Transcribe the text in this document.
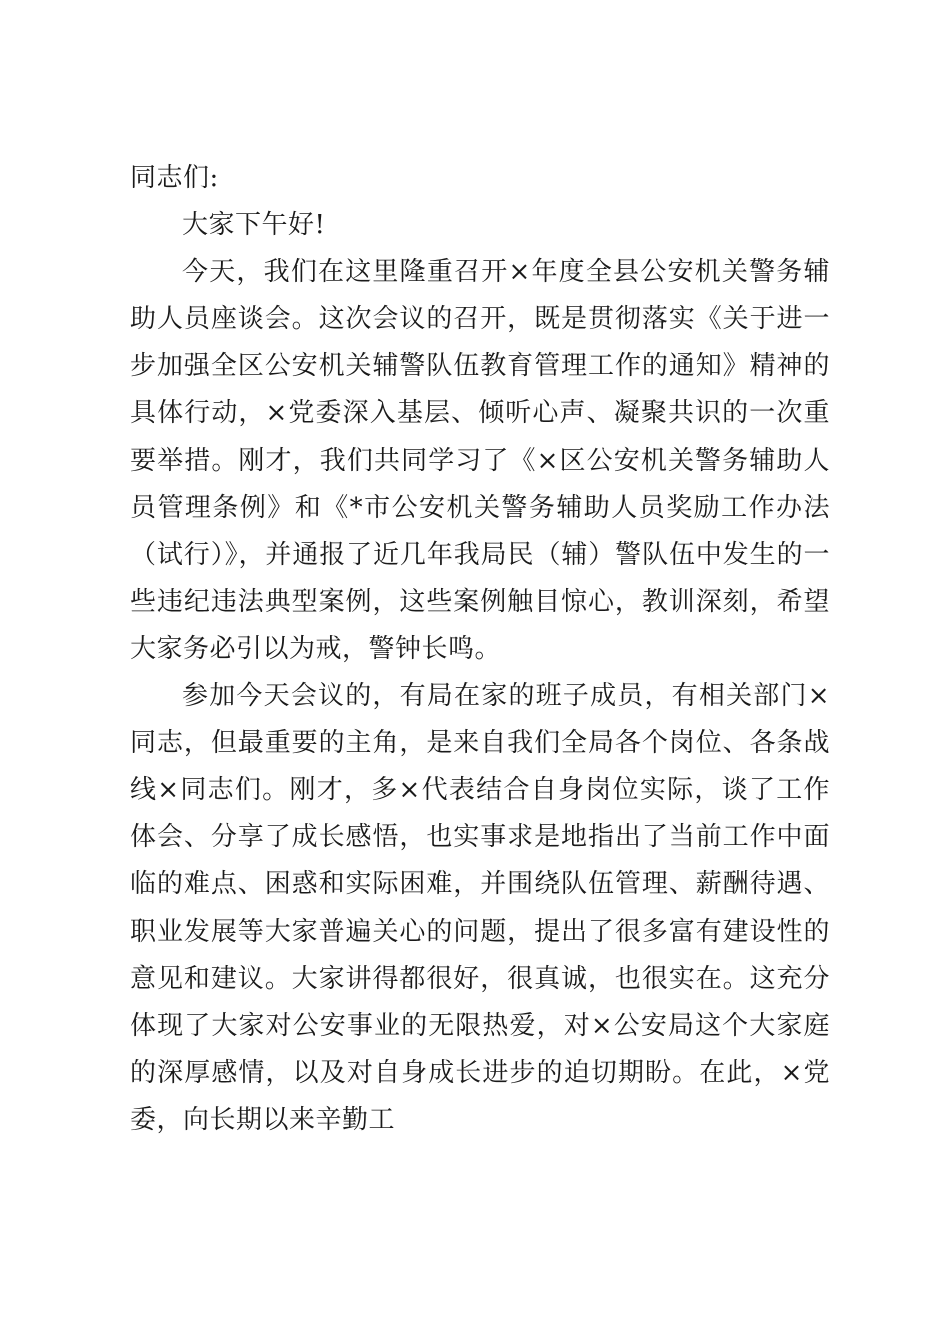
同志们:

大家下午好!

今天，我们在这里隆重召开×年度全县公安机关警务辅助人员座谈会。这次会议的召开，既是贯彻落实《关于进一步加强全区公安机关辅警队伍教育管理工作的通知》精神的具体行动，×党委深入基层、倾听心声、凝聚共识的一次重要举措。刚才，我们共同学习了《×区公安机关警务辅助人员管理条例》和《*市公安机关警务辅助人员奖励工作办法（试行）》，并通报了近几年我局民（辅）警队伍中发生的一些违纪违法典型案例，这些案例触目惊心，教训深刻，希望大家务必引以为戒，警钟长鸣。

参加今天会议的，有局在家的班子成员，有相关部门×同志，但最重要的主角，是来自我们全局各个岗位、各条战线×同志们。刚才，多×代表结合自身岗位实际，谈了工作体会、分享了成长感悟，也实事求是地指出了当前工作中面临的难点、困惑和实际困难，并围绕队伍管理、薪酬待遇、职业发展等大家普遍关心的问题，提出了很多富有建设性的意见和建议。大家讲得都很好，很真诚，也很实在。这充分体现了大家对公安事业的无限热爱，对×公安局这个大家庭的深厚感情，以及对自身成长进步的迫切期盼。在此，×党委，向长期以来辛勤工
